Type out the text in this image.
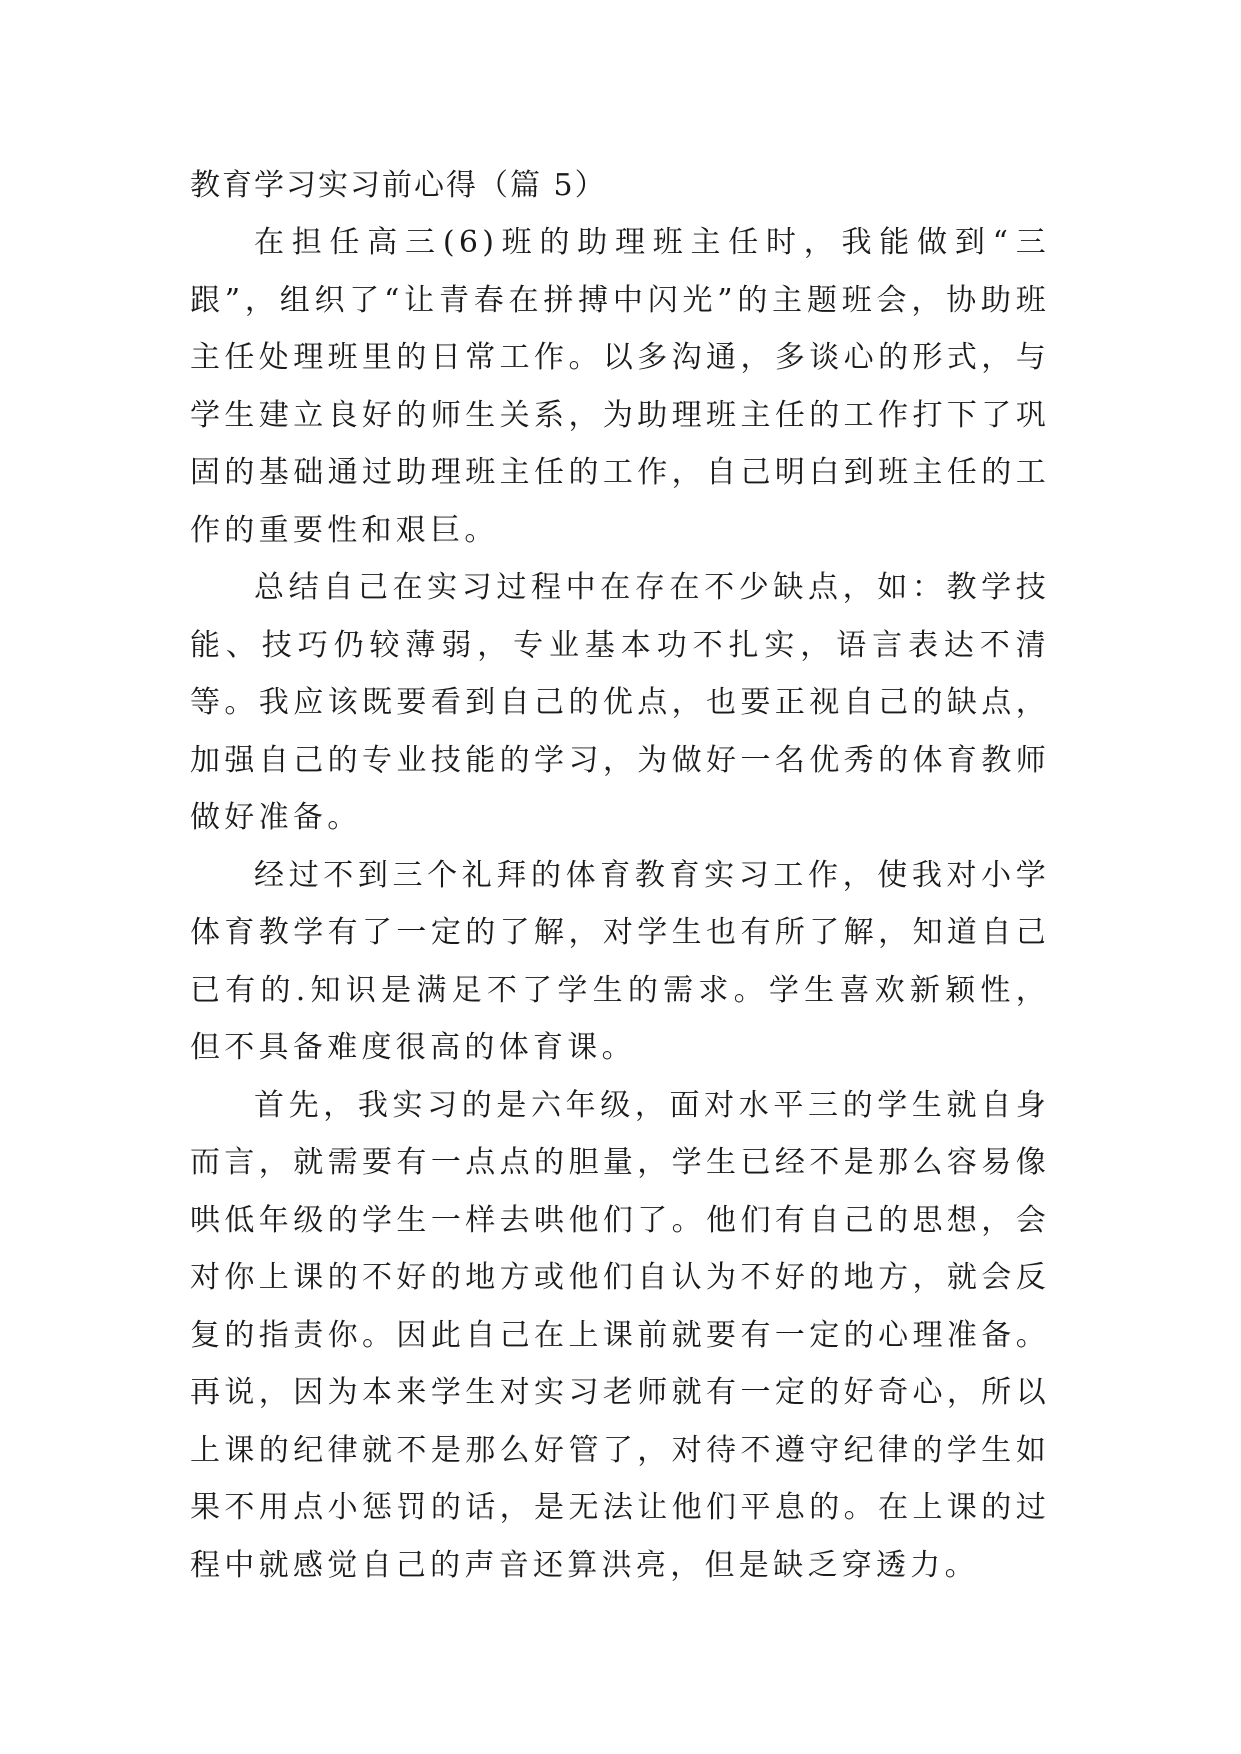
教育学习实习前心得（篇 5）

在担任高三(6)班的助理班主任时，我能做到“三跟”，组织了“让青春在拼搏中闪光”的主题班会，协助班主任处理班里的日常工作。以多沟通，多谈心的形式，与学生建立良好的师生关系，为助理班主任的工作打下了巩固的基础通过助理班主任的工作，自己明白到班主任的工作的重要性和艰巨。

总结自己在实习过程中在存在不少缺点，如：教学技能、技巧仍较薄弱，专业基本功不扎实，语言表达不清等。我应该既要看到自己的优点，也要正视自己的缺点，加强自己的专业技能的学习，为做好一名优秀的体育教师做好准备。

经过不到三个礼拜的体育教育实习工作，使我对小学体育教学有了一定的了解，对学生也有所了解，知道自己已有的.知识是满足不了学生的需求。学生喜欢新颖性，但不具备难度很高的体育课。

首先，我实习的是六年级，面对水平三的学生就自身而言，就需要有一点点的胆量，学生已经不是那么容易像哄低年级的学生一样去哄他们了。他们有自己的思想，会对你上课的不好的地方或他们自认为不好的地方，就会反复的指责你。因此自己在上课前就要有一定的心理准备。再说，因为本来学生对实习老师就有一定的好奇心，所以上课的纪律就不是那么好管了，对待不遵守纪律的学生如果不用点小惩罚的话，是无法让他们平息的。在上课的过程中就感觉自己的声音还算洪亮，但是缺乏穿透力。
